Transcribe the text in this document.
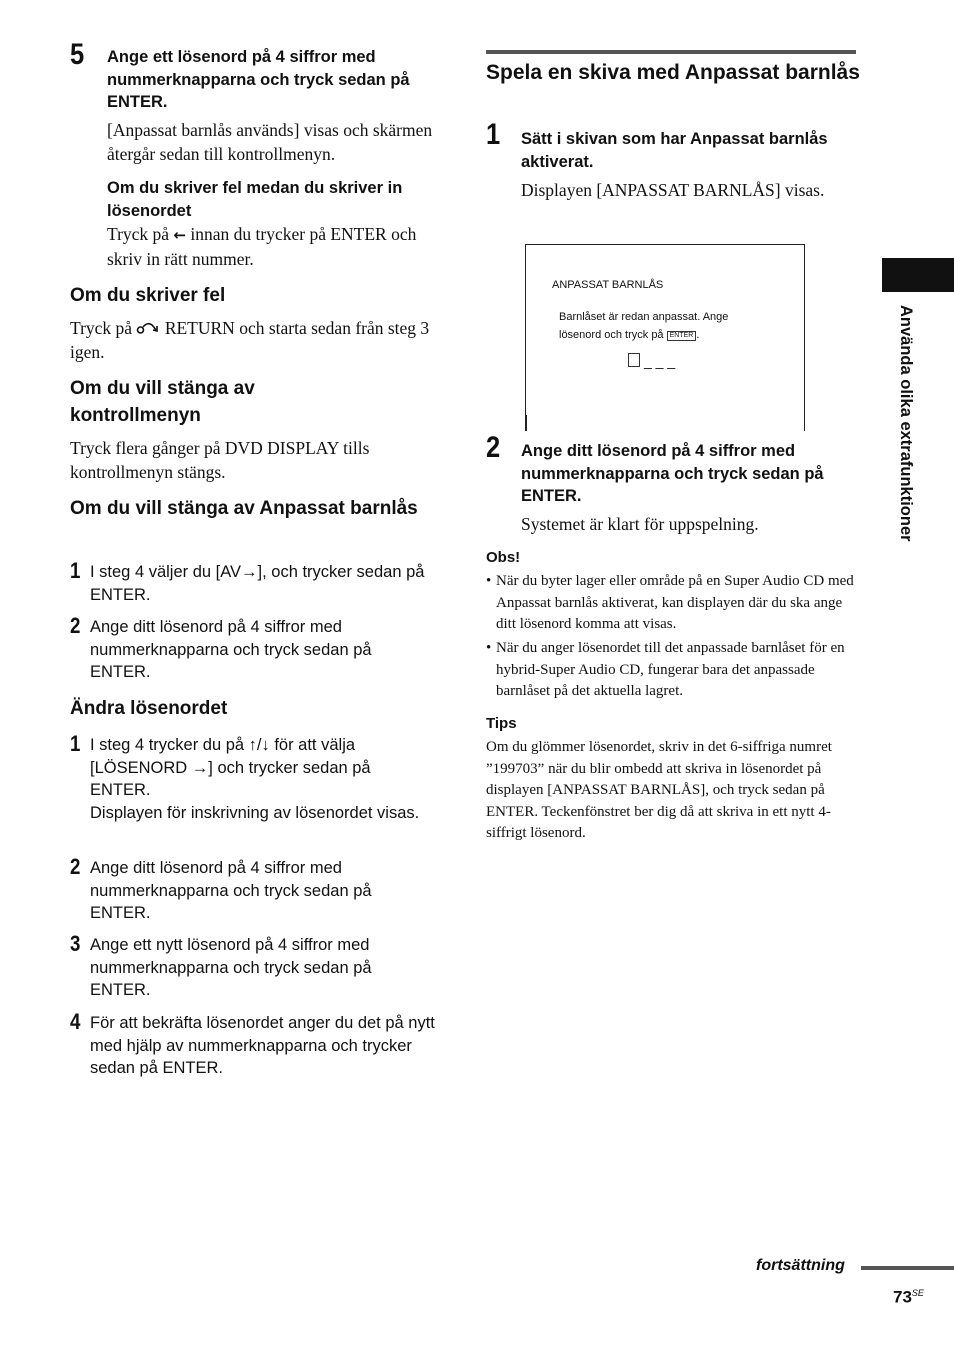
5 Ange ett lösenord på 4 siffror med nummerknapparna och tryck sedan på ENTER.

[Anpassat barnlås används] visas och skärmen återgår sedan till kontrollmenyn.

Om du skriver fel medan du skriver in lösenordet

Tryck på ← innan du trycker på ENTER och skriv in rätt nummer.

Om du skriver fel

Tryck på  RETURN och starta sedan från steg 3 igen.

Om du vill stänga av kontrollmenyn

Tryck flera gånger på DVD DISPLAY tills kontrollmenyn stängs.

Om du vill stänga av Anpassat barnlås

1 I steg 4 väljer du [AV→], och trycker sedan på ENTER.

2 Ange ditt lösenord på 4 siffror med nummerknapparna och tryck sedan på ENTER.

Ändra lösenordet

1 I steg 4 trycker du på ↑/↓ för att välja [LÖSENORD →] och trycker sedan på ENTER.
Displayen för inskrivning av lösenordet visas.

2 Ange ditt lösenord på 4 siffror med nummerknapparna och tryck sedan på ENTER.

3 Ange ett nytt lösenord på 4 siffror med nummerknapparna och tryck sedan på ENTER.

4 För att bekräfta lösenordet anger du det på nytt med hjälp av nummerknapparna och trycker sedan på ENTER.

Spela en skiva med Anpassat barnlås

1 Sätt i skivan som har Anpassat barnlås aktiverat.

Displayen [ANPASSAT BARNLÅS] visas.

ANPASSAT BARNLÅS

Barnlåset är redan anpassat. Ange lösenord och tryck på ENTER .

_ _ _

2 Ange ditt lösenord på 4 siffror med nummerknapparna och tryck sedan på ENTER.

Systemet är klart för uppspelning.

Obs!

• När du byter lager eller område på en Super Audio CD med Anpassat barnlås aktiverat, kan displayen där du ska ange ditt lösenord komma att visas.

• När du anger lösenordet till det anpassade barnlåset för en hybrid-Super Audio CD, fungerar bara det anpassade barnlåset på det aktuella lagret.

Tips

Om du glömmer lösenordet, skriv in det 6-siffriga numret ”199703” när du blir ombedd att skriva in lösenordet på displayen [ANPASSAT BARNLÅS], och tryck sedan på ENTER. Teckenfönstret ber dig då att skriva in ett nytt 4-siffrigt lösenord.

Använda olika extrafunktioner

fortsättning

$73^{SE}$
